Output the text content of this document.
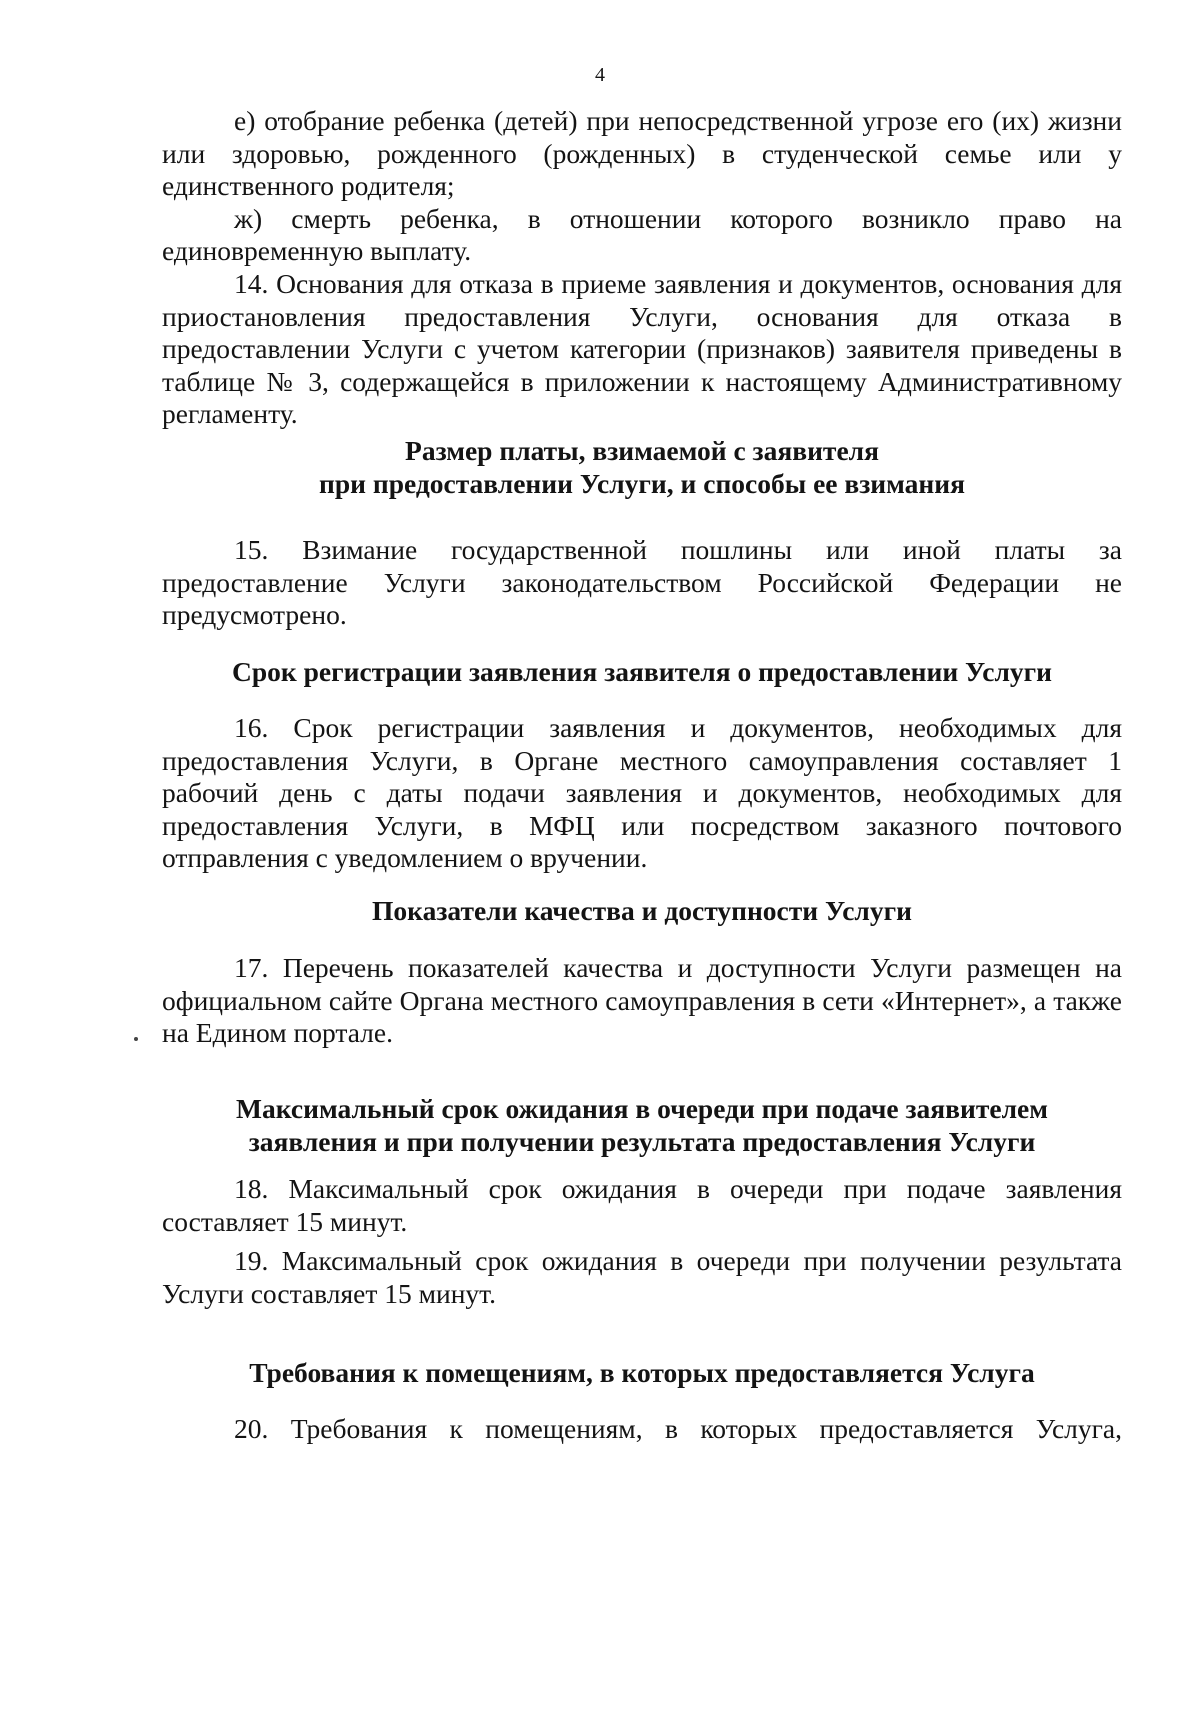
4

е) отобрание ребенка (детей) при непосредственной угрозе его (их) жизни или здоровью, рожденного (рожденных) в студенческой семье или у единственного родителя;

ж) смерть ребенка, в отношении которого возникло право на

единовременную выплату.

14. Основания для отказа в приеме заявления и документов, основания для приостановления предоставления Услуги, основания для отказа в предоставлении Услуги с учетом категории (признаков) заявителя приведены в таблице № 3, содержащейся в приложении к настоящему Административному регламенту.

Размер платы, взимаемой с заявителя
при предоставлении Услуги, и способы ее взимания

15. Взимание государственной пошлины или иной платы за предоставление Услуги законодательством Российской Федерации не предусмотрено.

Срок регистрации заявления заявителя о предоставлении Услуги

16. Срок регистрации заявления и документов, необходимых для предоставления Услуги, в Органе местного самоуправления составляет 1 рабочий день с даты подачи заявления и документов, необходимых для предоставления Услуги, в МФЦ или посредством заказного почтового отправления с уведомлением о вручении.

Показатели качества и доступности Услуги

17. Перечень показателей качества и доступности Услуги размещен на официальном сайте Органа местного самоуправления в сети «Интернет», а также на Едином портале.

Максимальный срок ожидания в очереди при подаче заявителем
заявления и при получении результата предоставления Услуги

18. Максимальный срок ожидания в очереди при подаче заявления составляет 15 минут.

19. Максимальный срок ожидания в очереди при получении результата Услуги составляет 15 минут.

Требования к помещениям, в которых предоставляется Услуга

20. Требования к помещениям, в которых предоставляется Услуга,
